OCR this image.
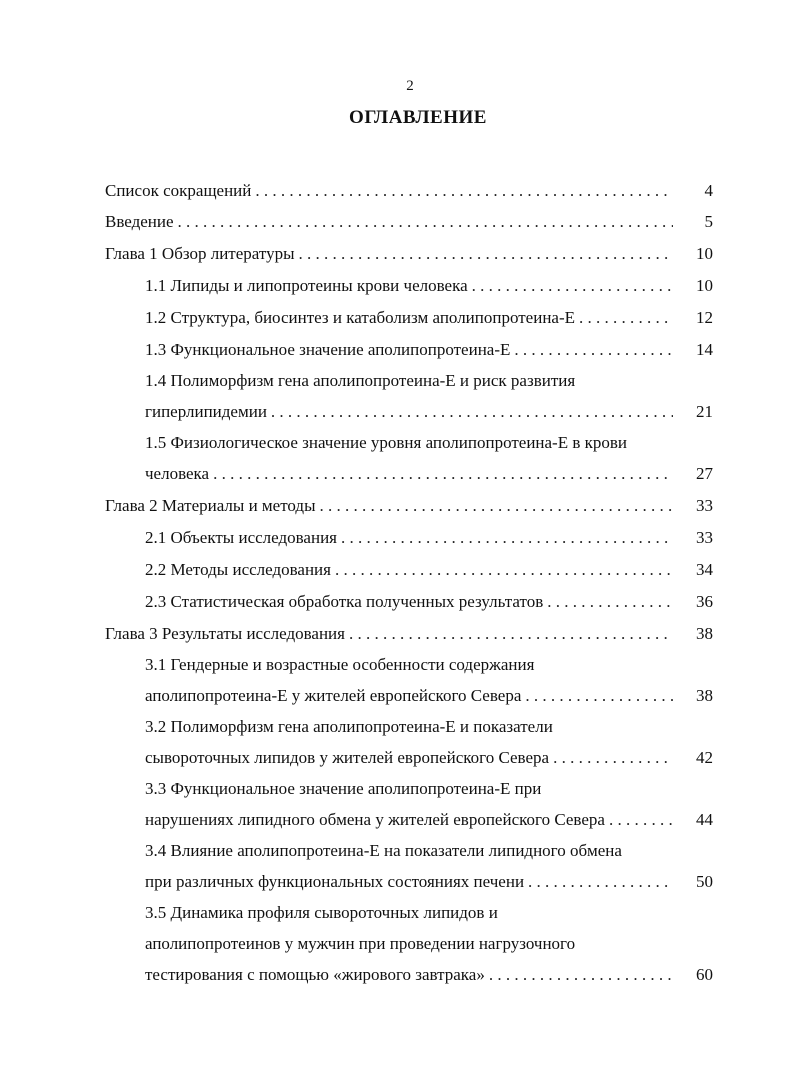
2
ОГЛАВЛЕНИЕ
Список сокращений . . .	4
Введение . . .	5
Глава 1 Обзор литературы . . .	10
1.1 Липиды и липопротеины крови человека . . .	10
1.2 Структура, биосинтез и катаболизм аполипопротеина-Е . . .	12
1.3 Функциональное значение аполипопротеина-Е . . .	14
1.4 Полиморфизм гена аполипопротеина-Е и риск развития
гиперлипидемии . . .	21
1.5 Физиологическое значение уровня аполипопротеина-Е в крови
человека . . .	27
Глава 2 Материалы и методы . . .	33
2.1 Объекты исследования . . .	33
2.2 Методы исследования . . .	34
2.3 Статистическая обработка полученных результатов . . .	36
Глава 3 Результаты исследования . . .	38
3.1 Гендерные и возрастные особенности содержания
аполипопротеина-Е у жителей европейского Севера . . .	38
3.2 Полиморфизм гена аполипопротеина-Е и показатели
сывороточных липидов у жителей европейского Севера . . .	42
3.3 Функциональное значение аполипопротеина-Е при
нарушениях липидного обмена у жителей европейского Севера . . .	44
3.4 Влияние аполипопротеина-Е на показатели липидного обмена
при различных функциональных состояниях печени . . .	50
3.5 Динамика профиля сывороточных липидов и
аполипопротеинов у мужчин при проведении нагрузочного
тестирования с помощью «жирового завтрака» . . .	60
